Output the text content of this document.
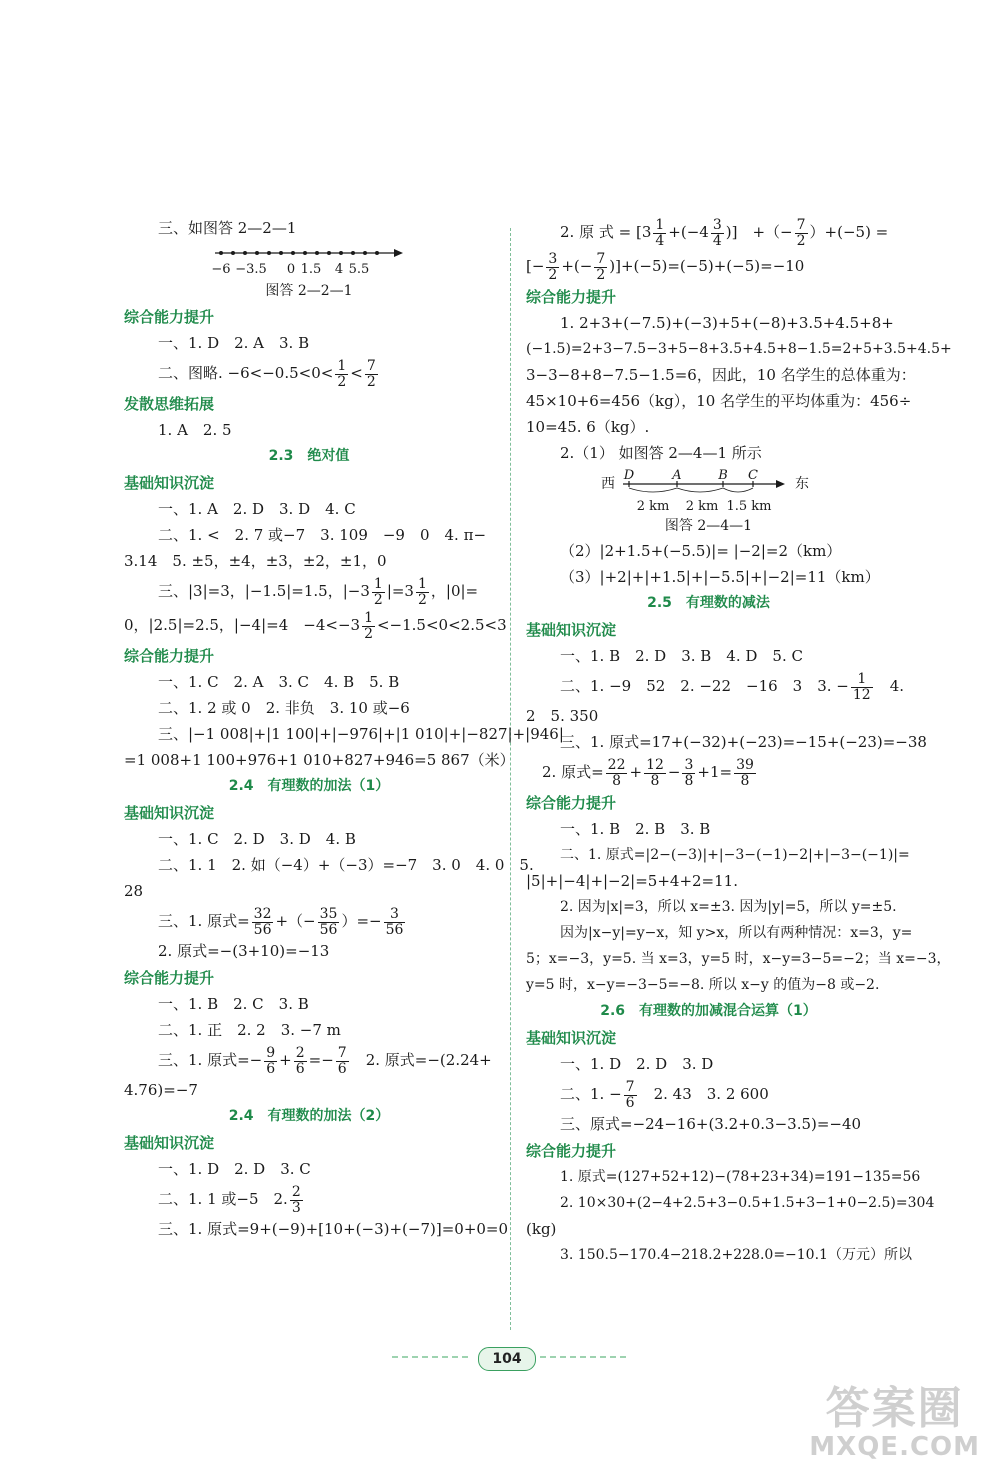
三、如图答 2—2—1
−6 −3.5 0 1.5 4 5.5
图答 2—2—1
综合能力提升
一、1. D　2. A　3. B
二、图略. $-6<-0.5<0< \frac{1}{2} < \frac{7}{2}$
发散思维拓展
1. A　2. 5
2.3　绝对值
基础知识沉淀
一、1. A　2. D　3. D　4. C
二、1. <　2. 7 或−7　3. 109　−9　0　4. π−
3.14　5. ±5，±4，±3，±2，±1，0
三、|3|=3，|−1.5|=1.5，$|-3 \frac{1}{2} |=3 \frac{1}{2}$ ，|0|=
0，|2.5|=2.5，|−4|=4　$-4<-3 \frac{1}{2} <-1.5<0<2.5<3$
综合能力提升
一、1. C　2. A　3. C　4. B　5. B
二、1. 2 或 0　2. 非负　3. 10 或−6
三、|−1 008|+|1 100|+|−976|+|1 010|+|−827|+|946|
=1 008+1 100+976+1 010+827+946=5 867（米）
2.4　有理数的加法（1）
基础知识沉淀
一、1. C　2. D　3. D　4. B
二、1. 1　2. 如（−4）+（−3）=−7　3. 0　4. 0　5.
28
三、1. 原式= $\frac{32}{56}$ +（− $\frac{35}{56}$ ）=− $\frac{3}{56}$
2. 原式=−(3+10)=−13
综合能力提升
一、1. B　2. C　3. B
二、1. 正　2. 2　3. −7 m
三、1. 原式=− $\frac{9}{6} + \frac{2}{6} =- \frac{7}{6}$ 　2. 原式=−(2.24+
4.76)=−7
2.4　有理数的加法（2）
基础知识沉淀
一、1. D　2. D　3. C
二、1. 1 或−5　2. $\frac{2}{3}$
三、1. 原式=9+(−9)+[10+(−3)+(−7)]=0+0=0
2. 原 式 = [$3 \frac{1}{4} +(-4 \frac{3}{4}$ )]　+（− $\frac{7}{2} )+(-5)$ =
[− $\frac{3}{2}$ +(− $\frac{7}{2} )]+(-5)=(-5)+(-5)=-10$
综合能力提升
1. 2+3+(−7.5)+(−3)+5+(−8)+3.5+4.5+8+
(−1.5)=2+3−7.5−3+5−8+3.5+4.5+8−1.5=2+5+3.5+4.5+
3−3−8+8−7.5−1.5=6，因此，10 名学生的总体重为：
45×10+6=456（kg），10 名学生的平均体重为：456÷
10=45. 6（kg）.
2.（1） 如图答 2—4—1 所示
西	东
D	A	B C
2 km 2 km 1.5 km
图答 2—4—1
（2）|2+1.5+(−5.5)|= |−2|=2（km）
（3）|+2|+|+1.5|+|−5.5|+|−2|=11（km）
2.5　有理数的减法
基础知识沉淀
一、1. B　2. D　3. B　4. D　5. C
二、1. −9　52　2. −22　−16　3　3. − $\frac{1}{12}$ 　4.
2　5. 350
三、1. 原式=17+(−32)+(−23)=−15+(−23)=−38
2. 原式= $\frac{22}{8} + \frac{12}{8} - \frac{3}{8} +1= \frac{39}{8}$
综合能力提升
一、1. B　2. B　3. B
二、1. 原式=|2−(−3)|+|−3−(−1)−2|+|−3−(−1)|=
|5|+|−4|+|−2|=5+4+2=11.
2. 因为|x|=3，所以 x=±3. 因为|y|=5，所以 y=±5.
因为|x−y|=y−x，知 y>x，所以有两种情况：x=3，y=
5；x=−3，y=5. 当 x=3，y=5 时，x−y=3−5=−2；当 x=−3，
y=5 时，x−y=−3−5=−8. 所以 x−y 的值为−8 或−2.
2.6　有理数的加减混合运算（1）
基础知识沉淀
一、1. D　2. D　3. D
二、1. − $\frac{7}{6}$ 　2. 43　3. 2 600
三、原式=−24−16+(3.2+0.3−3.5)=−40
综合能力提升
1. 原式=(127+52+12)−(78+23+34)=191−135=56
2. 10×30+(2−4+2.5+3−0.5+1.5+3−1+0−2.5)=304
(kg)
3. 150.5−170.4−218.2+228.0=−10.1（万元）所以
104
答案圈
MXQE.COM
